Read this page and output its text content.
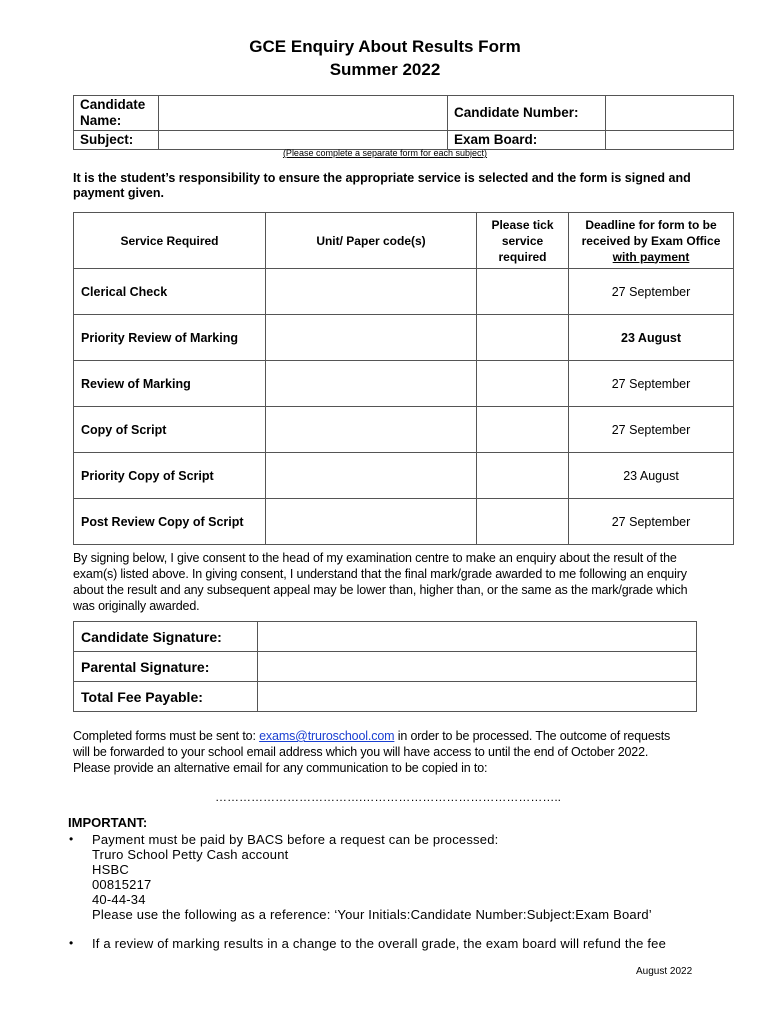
GCE Enquiry About Results Form
Summer 2022
Candidate Name:		Candidate Number:	
Subject:		Exam Board:	
(Please complete a separate form for each subject)
It is the student’s responsibility to ensure the appropriate service is selected and the form is signed and payment given.
Service Required	Unit/ Paper code(s)	Please tick service required	Deadline for form to be received by Exam Office
with payment
Clerical Check			27 September
Priority Review of Marking			23 August
Review of Marking			27 September
Copy of Script			27 September
Priority Copy of Script			23 August
Post Review Copy of Script			27 September
By signing below, I give consent to the head of my examination centre to make an enquiry about the result of the exam(s) listed above. In giving consent, I understand that the final mark/grade awarded to me following an enquiry about the result and any subsequent appeal may be lower than, higher than, or the same as the mark/grade which was originally awarded.
Candidate Signature:	
Parental Signature:	
Total Fee Payable:	
Completed forms must be sent to: exams@truroschool.com in order to be processed. The outcome of requests will be forwarded to your school email address which you will have access to until the end of October 2022. Please provide an alternative email for any communication to be copied in to:
……………………………….…………………………………………..
IMPORTANT:
• Payment must be paid by BACS before a request can be processed:
Truro School Petty Cash account
HSBC
00815217
40-44-34
Please use the following as a reference: ‘Your Initials:Candidate Number:Subject:Exam Board’
• If a review of marking results in a change to the overall grade, the exam board will refund the fee
August 2022
